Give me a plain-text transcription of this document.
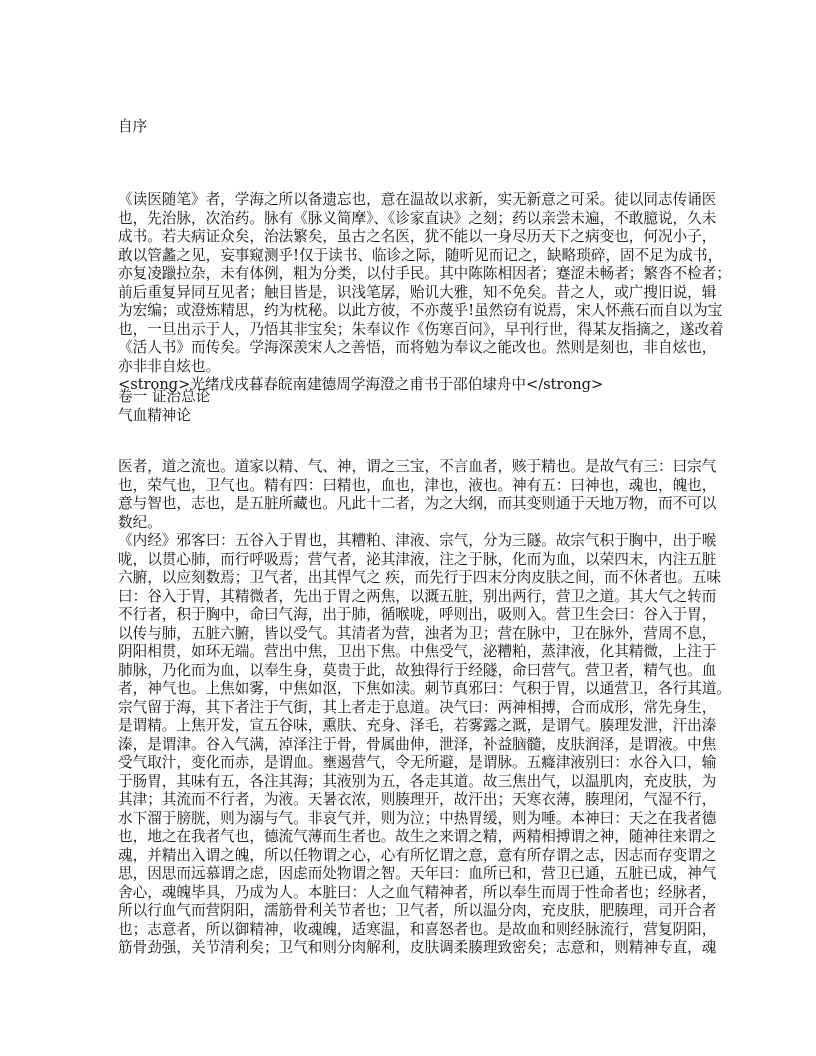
自序
《读医随笔》者，学海之所以备遗忘也，意在温故以求新，实无新意之可采。徒以同志传诵医
也，先治脉，次治药。脉有《脉义简摩》、《诊家直诀》之刻；药以亲尝未遍，不敢臆说，久未
成书。若夫病证众矣，治法繁矣，虽古之名医，犹不能以一身尽历天下之病变也，何况小子，
敢以管蠡之见，妄事窥测乎!仅于读书、临诊之际，随听见而记之，缺略琐碎，固不足为成书，
亦复凌躐拉杂，未有体例，粗为分类，以付手民。其中陈陈相因者；蹇涩未畅者；繁沓不检者；
前后重复异同互见者；触目皆是，识浅笔孱，贻讥大雅，知不免矣。昔之人，或广搜旧说，辑
为宏编；或澄炼精思，约为枕秘。以此方彼，不亦蔑乎!虽然窃有说焉，宋人怀燕石而自以为宝
也，一旦出示于人，乃悟其非宝矣；朱奉议作《伤寒百问》，早刊行世，得某友指摘之，遂改着
《活人书》而传矣。学海深羡宋人之善悟，而将勉为奉议之能改也。然则是刻也，非自炫也，
亦非非自炫也。
<strong>光绪戊戌暮春皖南建德周学海澄之甫书于邵伯埭舟中</strong>
卷一 证治总论
气血精神论
医者，道之流也。道家以精、气、神，谓之三宝，不言血者，赅于精也。是故气有三：曰宗气
也，荣气也，卫气也。精有四：曰精也，血也，津也，液也。神有五：曰神也，魂也，魄也，
意与智也，志也，是五脏所藏也。凡此十二者，为之大纲，而其变则通于天地万物，而不可以
数纪。
《内经》邪客曰：五谷入于胃也，其糟粕、津液、宗气，分为三隧。故宗气积于胸中，出于喉
咙，以贯心肺，而行呼吸焉；营气者，泌其津液，注之于脉，化而为血，以荣四末，内注五脏
六腑，以应刻数焉；卫气者，出其悍气之 疾，而先行于四末分肉皮肤之间，而不休者也。五味
曰：谷入于胃，其精微者，先出于胃之两焦，以溉五脏，别出两行，营卫之道。其大气之转而
不行者，积于胸中，命曰气海，出于肺，循喉咙，呼则出，吸则入。营卫生会曰：谷入于胃，
以传与肺，五脏六腑，皆以受气。其清者为营，浊者为卫；营在脉中，卫在脉外，营周不息，
阴阳相贯，如环无端。营出中焦，卫出下焦。中焦受气，泌糟粕，蒸津液，化其精微，上注于
肺脉，乃化而为血，以奉生身，莫贵于此，故独得行于经隧，命曰营气。营卫者，精气也。血
者，神气也。上焦如雾，中焦如沤，下焦如渎。刺节真邪曰：气积于胃，以通营卫，各行其道。
宗气留于海，其下者注于气街，其上者走于息道。决气曰：两神相搏，合而成形，常先身生，
是谓精。上焦开发，宣五谷味，熏肤、充身、泽毛，若雾露之溉，是谓气。腠理发泄，汗出溱
溱，是谓津。谷入气满，淖泽注于骨，骨属曲伸，泄泽，补益脑髓，皮肤润泽，是谓液。中焦
受气取汁，变化而赤，是谓血。壅遏营气，令无所避，是谓脉。五癃津液别曰：水谷入口，输
于肠胃，其味有五，各注其海；其液别为五，各走其道。故三焦出气，以温肌肉，充皮肤，为
其津；其流而不行者，为液。天暑衣浓，则腠理开，故汗出；天寒衣薄，腠理闭，气湿不行，
水下溜于膀胱，则为溺与气。非哀气并，则为泣；中热胃缓，则为唾。本神曰：天之在我者德
也，地之在我者气也，德流气薄而生者也。故生之来谓之精，两精相搏谓之神，随神往来谓之
魂，并精出入谓之魄，所以任物谓之心，心有所忆谓之意，意有所存谓之志，因志而存变谓之
思，因思而远慕谓之虑，因虑而处物谓之智。天年曰：血所已和，营卫已通，五脏已成，神气
舍心，魂魄毕具，乃成为人。本脏曰：人之血气精神者，所以奉生而周于性命者也；经脉者，
所以行血气而营阴阳，濡筋骨利关节者也；卫气者，所以温分肉，充皮肤，肥腠理，司开合者
也；志意者，所以御精神，收魂魄，适寒温，和喜怒者也。是故血和则经脉流行，营复阴阳，
筋骨劲强，关节清利矣；卫气和则分肉解利，皮肤调柔腠理致密矣；志意和，则精神专直，魂
